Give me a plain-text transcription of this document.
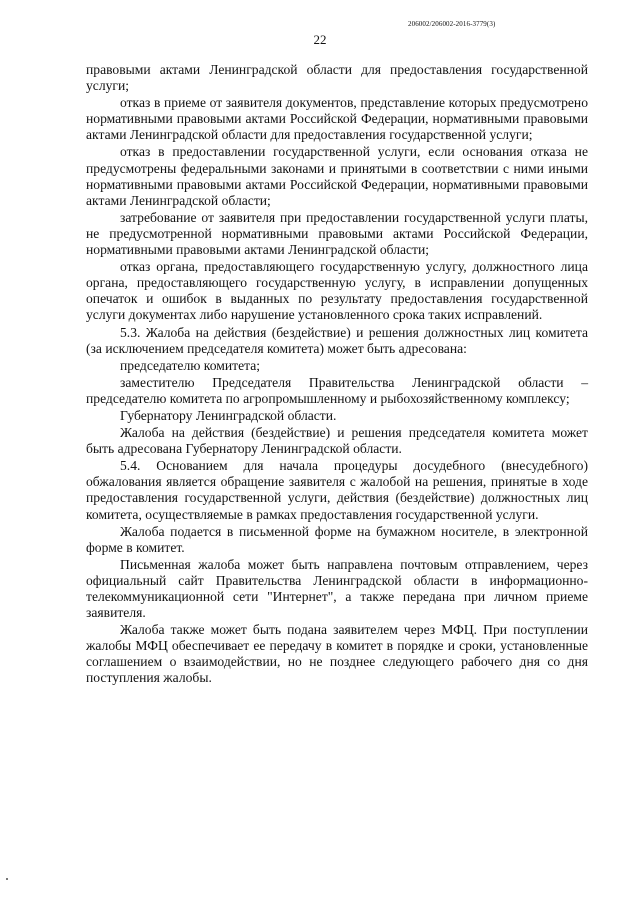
206002/206002-2016-3779(3)
22

правовыми актами Ленинградской области для предоставления государственной услуги;

отказ в приеме от заявителя документов, представление которых предусмотрено нормативными правовыми актами Российской Федерации, нормативными правовыми актами Ленинградской области для предоставления государственной услуги;

отказ в предоставлении государственной услуги, если основания отказа не предусмотрены федеральными законами и принятыми в соответствии с ними иными нормативными правовыми актами Российской Федерации, нормативными правовыми актами Ленинградской области;

затребование от заявителя при предоставлении государственной услуги платы, не предусмотренной нормативными правовыми актами Российской Федерации, нормативными правовыми актами Ленинградской области;

отказ органа, предоставляющего государственную услугу, должностного лица органа, предоставляющего государственную услугу, в исправлении допущенных опечаток и ошибок в выданных по результату предоставления государственной услуги документах либо нарушение установленного срока таких исправлений.

5.3. Жалоба на действия (бездействие) и решения должностных лиц комитета (за исключением председателя комитета) может быть адресована:

председателю комитета;

заместителю Председателя Правительства Ленинградской области – председателю комитета по агропромышленному и рыбохозяйственному комплексу;

Губернатору Ленинградской области.

Жалоба на действия (бездействие) и решения председателя комитета может быть адресована Губернатору Ленинградской области.

5.4. Основанием для начала процедуры досудебного (внесудебного) обжалования является обращение заявителя с жалобой на решения, принятые в ходе предоставления государственной услуги, действия (бездействие) должностных лиц комитета, осуществляемые в рамках предоставления государственной услуги.

Жалоба подается в письменной форме на бумажном носителе, в электронной форме в комитет.

Письменная жалоба может быть направлена почтовым отправлением, через официальный сайт Правительства Ленинградской области в информационно-телекоммуникационной сети "Интернет", а также передана при личном приеме заявителя.

Жалоба также может быть подана заявителем через МФЦ. При поступлении жалобы МФЦ обеспечивает ее передачу в комитет в порядке и сроки, установленные соглашением о взаимодействии, но не позднее следующего рабочего дня со дня поступления жалобы.
